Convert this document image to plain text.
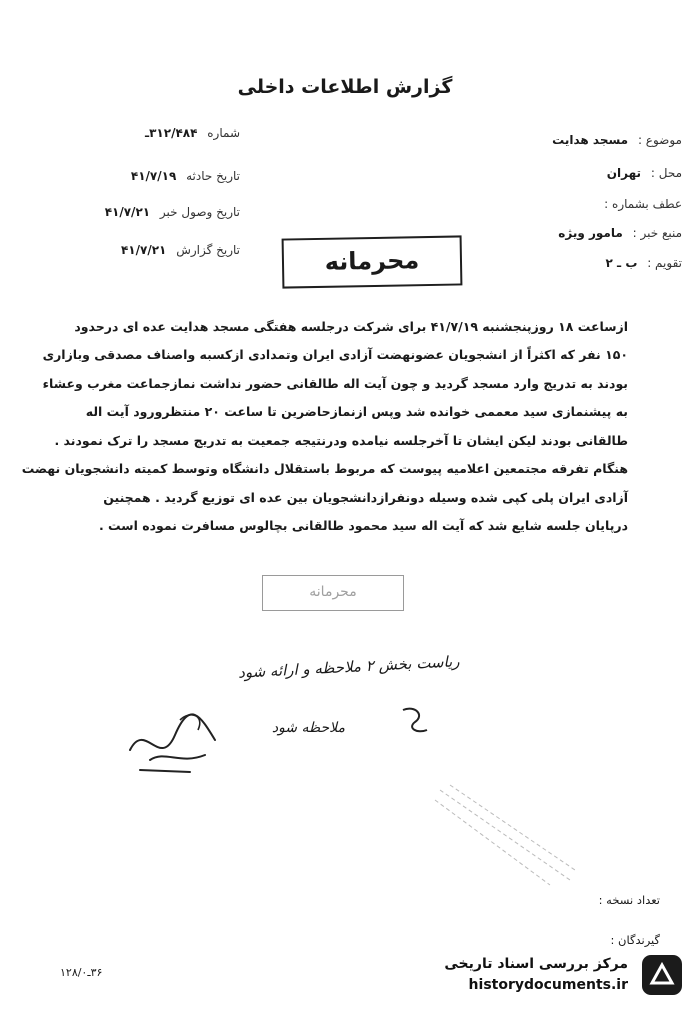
گزارش اطلاعات داخلی
شماره ۳۱۲/۴۸۴ـ
تاریخ حادثه ۴۱/۷/۱۹
تاریخ وصول خبر ۴۱/۷/۲۱
تاریخ گزارش ۴۱/۷/۲۱
موضوع : مسجد هدایت
محل : تهران
عطف بشماره :
منبع خبر : مامور ویژه
تقویم : ب ـ ۲
محرمانه
ازساعت ۱۸ روزپنجشنبه ۴۱/۷/۱۹ برای شرکت درجلسه هفتگی مسجد هدایت عده ای درحدود
۱۵۰ نفر که اکثراً از انشجویان عضونهضت آزادی ایران وتمدادی ازکسبه واصناف مصدقی وبازاری
بودند به تدریج وارد مسجد گردید و چون آیت اله طالقانی حضور نداشت نمازجماعت مغرب وعشاء
به پیشنمازی سید معممی خوانده شد وپس ازنمازحاضرین تا ساعت ۲۰ منتظرورود آیت اله
طالقانی بودند لیکن ایشان تا آخرجلسه نیامده ودرنتیجه جمعیت به تدریج مسجد را ترک نمودند .
هنگام تفرقه مجتمعین اعلامیه پیوست که مربوط باستقلال دانشگاه وتوسط کمیته دانشجویان نهضت
آزادی ایران پلی کپی شده وسیله دونفرازدانشجویان بین عده ای توزیع گردید . همچنین
درپایان جلسه شایع شد که آیت اله سید محمود طالقانی بچالوس مسافرت نموده است .
محرمانه
ریاست بخش ۲ ملاحظه و ارائه شود
ملاحظه شود
تعداد نسخه :
گیرندگان :
۳۶ـ۱۲۸/۰
مرکز بررسی اسناد تاریخی
historydocuments.ir
